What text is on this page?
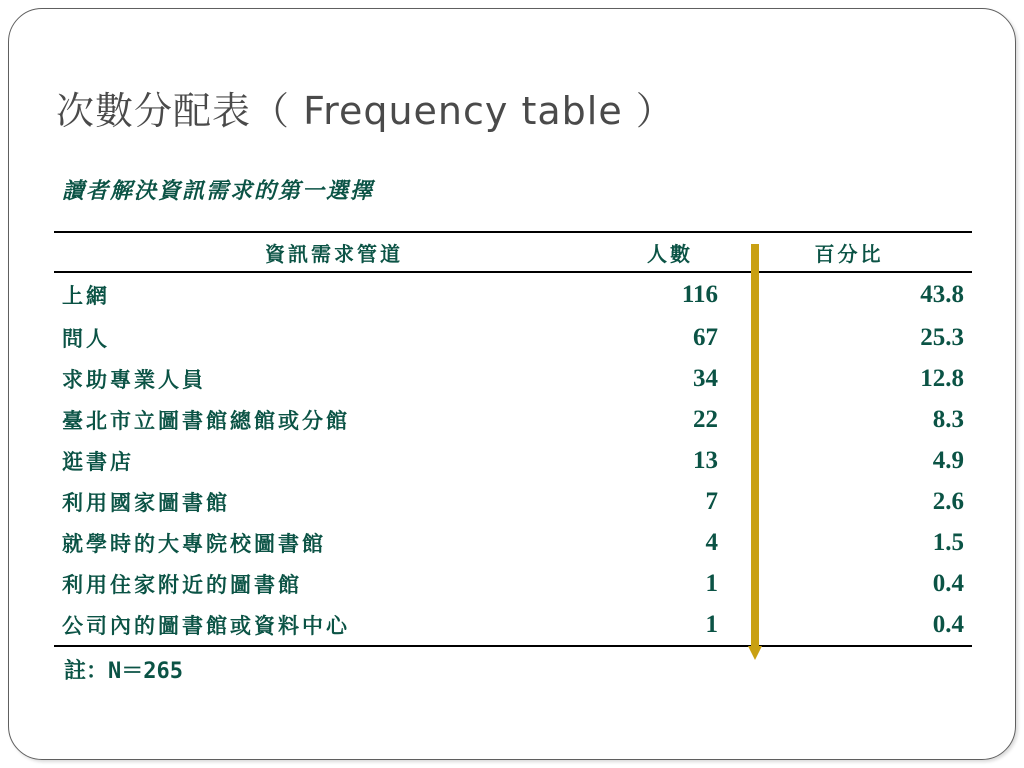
次數分配表（ Frequency table ）
讀者解決資訊需求的第一選擇
資訊需求管道	人數	百分比
上網	116	43.8
問人	67	25.3
求助專業人員	34	12.8
臺北市立圖書館總館或分館	22	8.3
逛書店	13	4.9
利用國家圖書館	7	2.6
就學時的大專院校圖書館	4	1.5
利用住家附近的圖書館	1	0.4
公司內的圖書館或資料中心	1	0.4
註：N＝265
